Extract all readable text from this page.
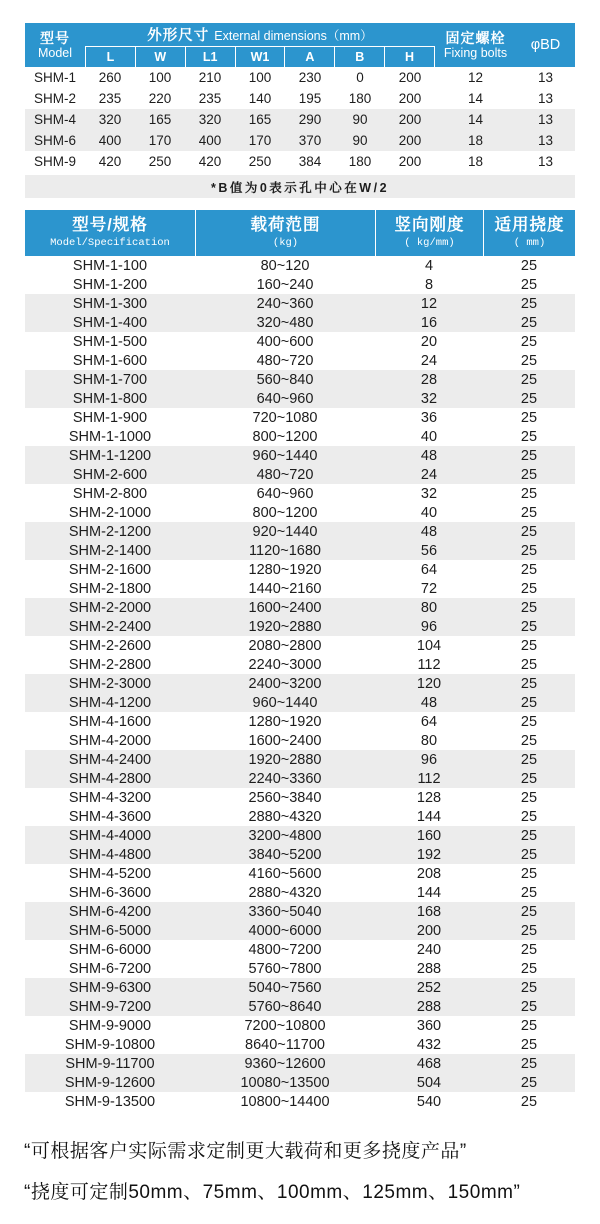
型号
Model
外形尺寸 External dimensions（mm）
L	W	L1	W1	A	B	H
固定螺栓
Fixing bolts	φBD
SHM-1	260	100	210	100	230	0	200	12	13
SHM-2	235	220	235	140	195	180	200	14	13
SHM-4	320	165	320	165	290	90	200	14	13
SHM-6	400	170	400	170	370	90	200	18	13
SHM-9	420	250	420	250	384	180	200	18	13
*B值为0表示孔中心在W/2
型号/规格
Model/Specification
载荷范围
(kg)
竖向刚度
( kg/mm)
适用挠度
( mm)
SHM-1-100	80~120	4	25
SHM-1-200	160~240	8	25
SHM-1-300	240~360	12	25
SHM-1-400	320~480	16	25
SHM-1-500	400~600	20	25
SHM-1-600	480~720	24	25
SHM-1-700	560~840	28	25
SHM-1-800	640~960	32	25
SHM-1-900	720~1080	36	25
SHM-1-1000	800~1200	40	25
SHM-1-1200	960~1440	48	25
SHM-2-600	480~720	24	25
SHM-2-800	640~960	32	25
SHM-2-1000	800~1200	40	25
SHM-2-1200	920~1440	48	25
SHM-2-1400	1120~1680	56	25
SHM-2-1600	1280~1920	64	25
SHM-2-1800	1440~2160	72	25
SHM-2-2000	1600~2400	80	25
SHM-2-2400	1920~2880	96	25
SHM-2-2600	2080~2800	104	25
SHM-2-2800	2240~3000	112	25
SHM-2-3000	2400~3200	120	25
SHM-4-1200	960~1440	48	25
SHM-4-1600	1280~1920	64	25
SHM-4-2000	1600~2400	80	25
SHM-4-2400	1920~2880	96	25
SHM-4-2800	2240~3360	112	25
SHM-4-3200	2560~3840	128	25
SHM-4-3600	2880~4320	144	25
SHM-4-4000	3200~4800	160	25
SHM-4-4800	3840~5200	192	25
SHM-4-5200	4160~5600	208	25
SHM-6-3600	2880~4320	144	25
SHM-6-4200	3360~5040	168	25
SHM-6-5000	4000~6000	200	25
SHM-6-6000	4800~7200	240	25
SHM-6-7200	5760~7800	288	25
SHM-9-6300	5040~7560	252	25
SHM-9-7200	5760~8640	288	25
SHM-9-9000	7200~10800	360	25
SHM-9-10800	8640~11700	432	25
SHM-9-11700	9360~12600	468	25
SHM-9-12600	10080~13500	504	25
SHM-9-13500	10800~14400	540	25

“可根据客户实际需求定制更大载荷和更多挠度产品”

“挠度可定制50mm、75mm、100mm、125mm、150mm”
